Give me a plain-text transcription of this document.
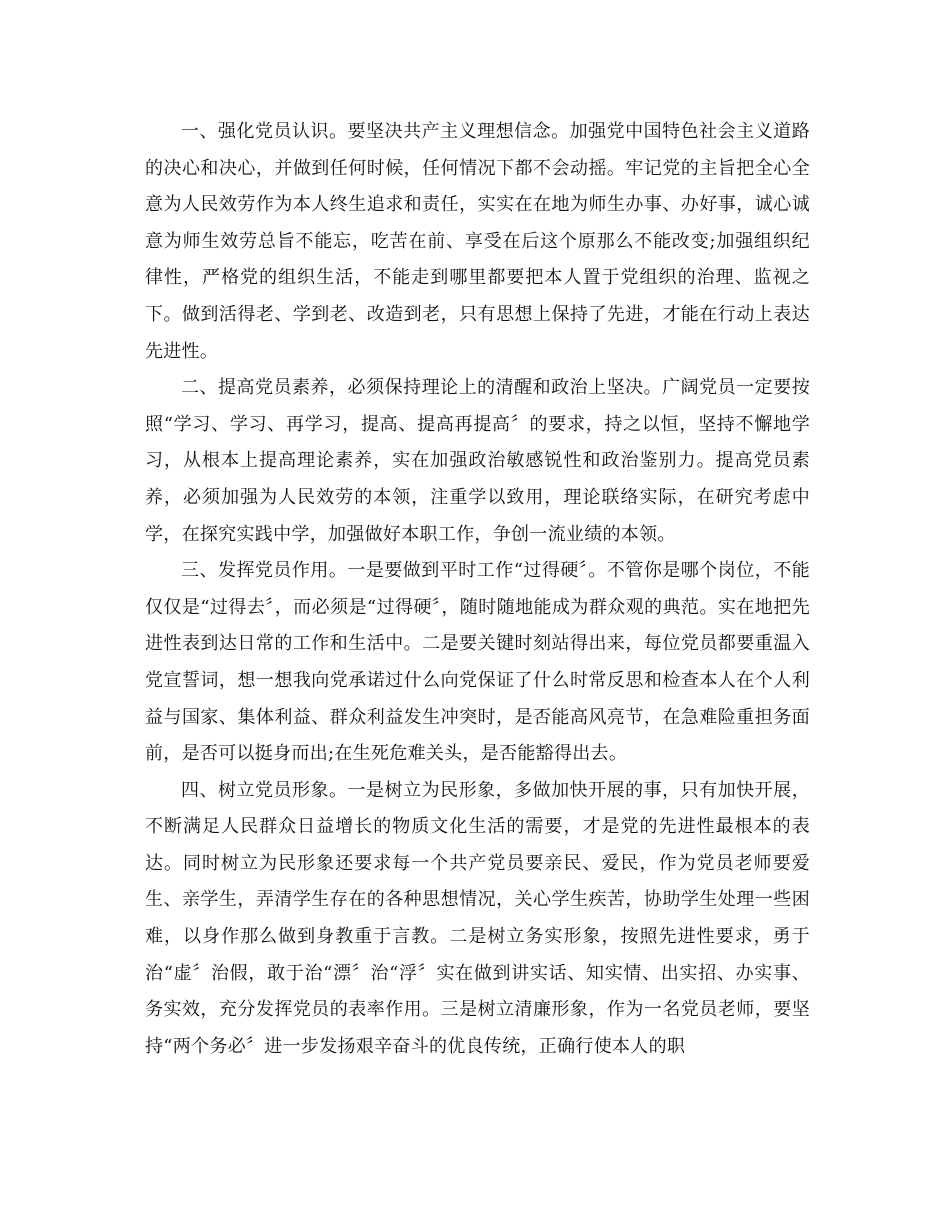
一、强化党员认识。要坚决共产主义理想信念。加强党中国特色社会主义道路的决心和决心，并做到任何时候，任何情况下都不会动摇。牢记党的主旨把全心全意为人民效劳作为本人终生追求和责任，实实在在地为师生办事、办好事，诚心诚意为师生效劳总旨不能忘，吃苦在前、享受在后这个原那么不能改变;加强组织纪律性，严格党的组织生活，不能走到哪里都要把本人置于党组织的治理、监视之下。做到活得老、学到老、改造到老，只有思想上保持了先进，才能在行动上表达先进性。

二、提高党员素养，必须保持理论上的清醒和政治上坚决。广阔党员一定要按照“学习、学习、再学习，提高、提高再提高〞的要求，持之以恒，坚持不懈地学习，从根本上提高理论素养，实在加强政治敏感锐性和政治鉴别力。提高党员素养，必须加强为人民效劳的本领，注重学以致用，理论联络实际，在研究考虑中学，在探究实践中学，加强做好本职工作，争创一流业绩的本领。

三、发挥党员作用。一是要做到平时工作“过得硬〞。不管你是哪个岗位，不能仅仅是“过得去〞，而必须是“过得硬〞，随时随地能成为群众观的典范。实在地把先进性表到达日常的工作和生活中。二是要关键时刻站得出来，每位党员都要重温入党宣誓词，想一想我向党承诺过什么向党保证了什么时常反思和检查本人在个人利益与国家、集体利益、群众利益发生冲突时，是否能高风亮节，在急难险重担务面前，是否可以挺身而出;在生死危难关头，是否能豁得出去。

四、树立党员形象。一是树立为民形象，多做加快开展的事，只有加快开展，不断满足人民群众日益增长的物质文化生活的需要，才是党的先进性最根本的表达。同时树立为民形象还要求每一个共产党员要亲民、爱民，作为党员老师要爱生、亲学生，弄清学生存在的各种思想情况，关心学生疾苦，协助学生处理一些困难，以身作那么做到身教重于言教。二是树立务实形象，按照先进性要求，勇于治“虚〞治假，敢于治“漂〞治“浮〞实在做到讲实话、知实情、出实招、办实事、务实效，充分发挥党员的表率作用。三是树立清廉形象，作为一名党员老师，要坚持“两个务必〞进一步发扬艰辛奋斗的优良传统，正确行使本人的职
